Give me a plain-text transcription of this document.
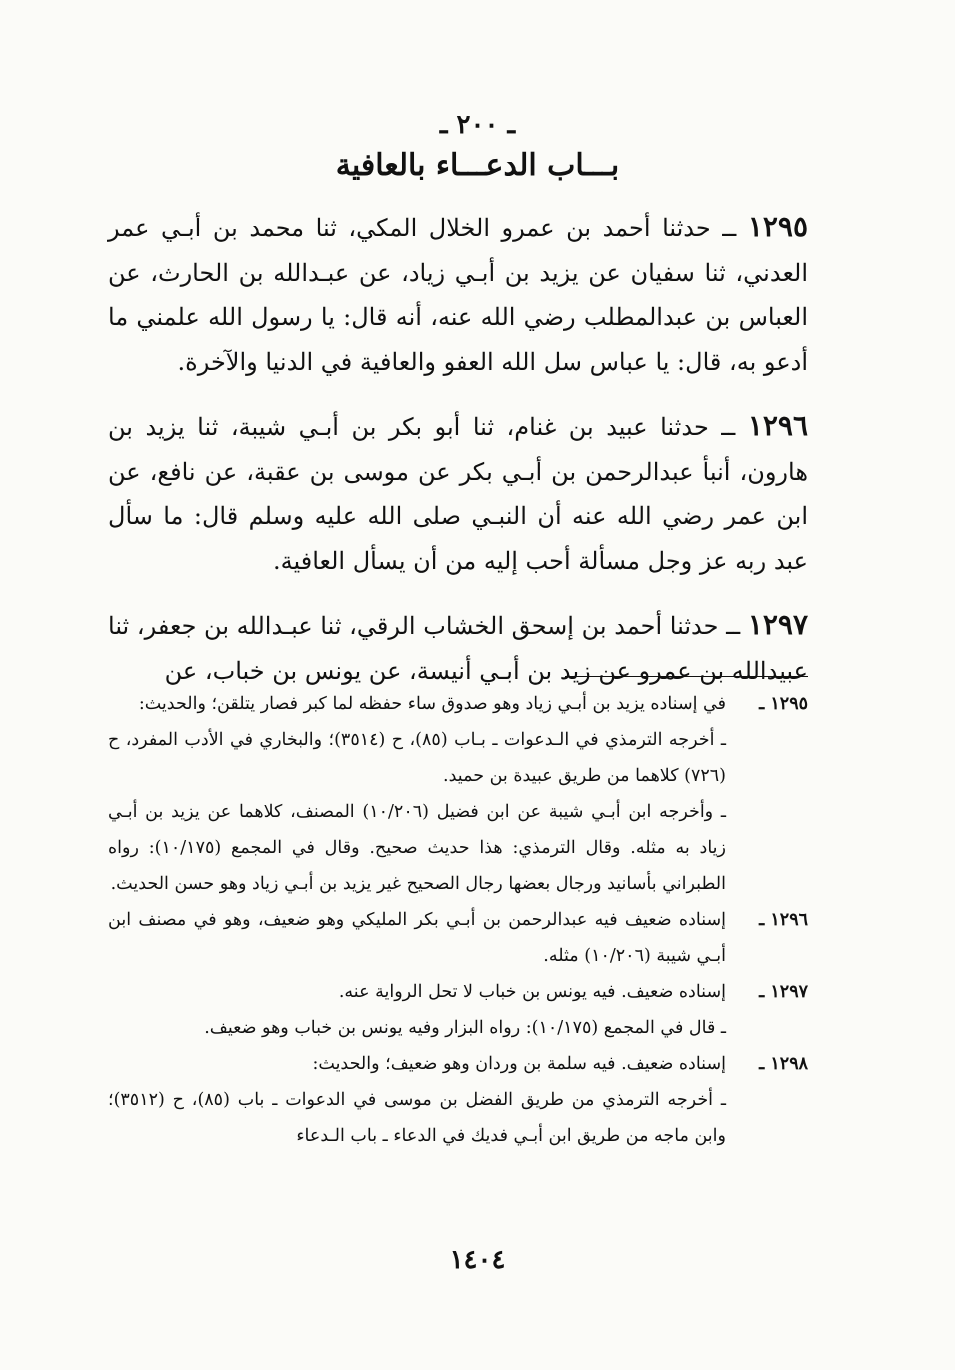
ـ ٢٠٠ ـ
بـــاب الدعـــاء بالعافية

١٢٩٥ ــ حدثنا أحمد بن عمرو الخلال المكي، ثنا محمد بن أبـي عمر العدني، ثنا سفيان عن يزيد بن أبـي زياد، عن عبـدالله بن الحارث، عن العباس بن عبدالمطلب رضي الله عنه، أنه قال: يا رسول الله علمني ما أدعو به، قال: يا عباس سل الله العفو والعافية في الدنيا والآخرة.

١٢٩٦ ــ حدثنا عبيد بن غنام، ثنا أبو بكر بن أبـي شيبة، ثنا يزيد بن هارون، أنبأ عبدالرحمن بن أبـي بكر عن موسى بن عقبة، عن نافع، عن ابن عمر رضي الله عنه أن النبـي صلى الله عليه وسلم قال: ما سأل عبد ربه عز وجل مسألة أحب إليه من أن يسأل العافية.

١٢٩٧ ــ حدثنا أحمد بن إسحق الخشاب الرقي، ثنا عبـدالله بن جعفر، ثنا عبيدالله بن عمرو عن زيد بن أبـي أنيسة، عن يونس بن خباب، عن

١٢٩٥ ـ

في إسناده يزيد بن أبـي زياد وهو صدوق ساء حفظه لما كبر فصار يتلقن؛ والحديث:

ـ أخرجه الترمذي في الـدعوات ـ بـاب (٨٥)، ح (٣٥١٤)؛ والبخاري في الأدب المفرد، ح (٧٢٦) كلاهما من طريق عبيدة بن حميد.

ـ وأخرجه ابن أبـي شيبة عن ابن فضيل (١٠/٢٠٦) المصنف، كلاهما عن يزيد بن أبـي زياد به مثله. وقال الترمذي: هذا حديث صحيح. وقال في المجمع (١٠/١٧٥): رواه الطبراني بأسانيد ورجال بعضها رجال الصحيح غير يزيد بن أبـي زياد وهو حسن الحديث.

١٢٩٦ ـ

إسناده ضعيف فيه عبدالرحمن بن أبـي بكر المليكي وهو ضعيف، وهو في مصنف ابن أبـي شيبة (١٠/٢٠٦) مثله.

١٢٩٧ ـ

إسناده ضعيف. فيه يونس بن خباب لا تحل الرواية عنه.

ـ قال في المجمع (١٠/١٧٥): رواه البزار وفيه يونس بن خباب وهو ضعيف.

١٢٩٨ ـ

إسناده ضعيف. فيه سلمة بن وردان وهو ضعيف؛ والحديث:

ـ أخرجه الترمذي من طريق الفضل بن موسى في الدعوات ـ باب (٨٥)، ح (٣٥١٢)؛ وابن ماجه من طريق ابن أبـي فديك في الدعاء ـ باب الـدعاء

١٤٠٤
